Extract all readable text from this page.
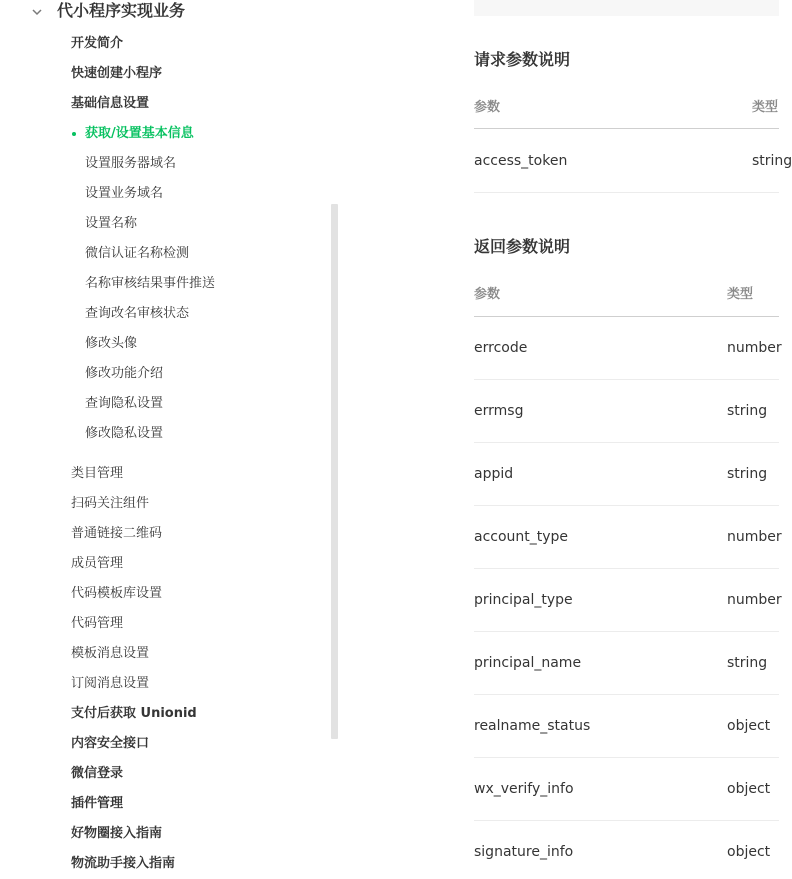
代小程序实现业务
开发简介
快速创建小程序
基础信息设置
获取/设置基本信息
设置服务器域名
设置业务域名
设置名称
微信认证名称检测
名称审核结果事件推送
查询改名审核状态
修改头像
修改功能介绍
查询隐私设置
修改隐私设置
类目管理
扫码关注组件
普通链接二维码
成员管理
代码模板库设置
代码管理
模板消息设置
订阅消息设置
支付后获取 Unionid
内容安全接口
微信登录
插件管理
好物圈接入指南
物流助手接入指南
请求参数说明
参数	类型
access_token	string
返回参数说明
参数	类型
errcode	number
errmsg	string
appid	string
account_type	number
principal_type	number
principal_name	string
realname_status	object
wx_verify_info	object
signature_info	object
